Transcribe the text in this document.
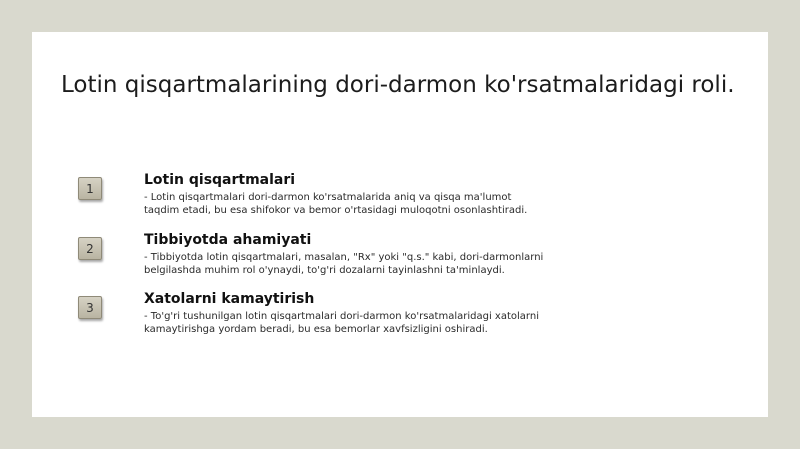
Lotin qisqartmalarining dori-darmon ko'rsatmalaridagi roli.
1
Lotin qisqartmalari
- Lotin qisqartmalari dori-darmon ko'rsatmalarida aniq va qisqa ma'lumot taqdim etadi, bu esa shifokor va bemor o'rtasidagi muloqotni osonlashtiradi.
2
Tibbiyotda ahamiyati
- Tibbiyotda lotin qisqartmalari, masalan, "Rx" yoki "q.s." kabi, dori-darmonlarni belgilashda muhim rol o'ynaydi, to'g'ri dozalarni tayinlashni ta'minlaydi.
3
Xatolarni kamaytirish
- To'g'ri tushunilgan lotin qisqartmalari dori-darmon ko'rsatmalaridagi xatolarni kamaytirishga yordam beradi, bu esa bemorlar xavfsizligini oshiradi.
